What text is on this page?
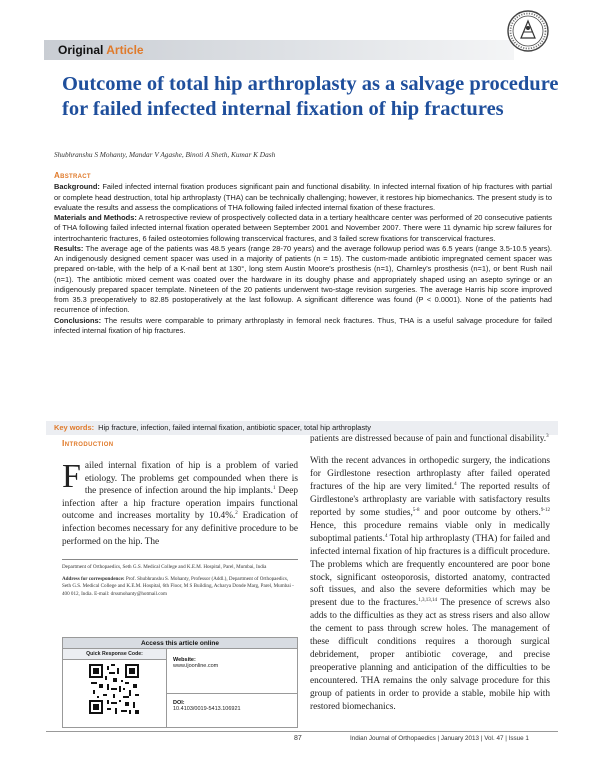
Original Article
Outcome of total hip arthroplasty as a salvage procedure for failed infected internal fixation of hip fractures
Shubhranshu S Mohanty, Mandar V Agashe, Binoti A Sheth, Kumar K Dash
Abstract

Background: Failed infected internal fixation produces significant pain and functional disability. In infected internal fixation of hip fractures with partial or complete head destruction, total hip arthroplasty (THA) can be technically challenging; however, it restores hip biomechanics. The present study is to evaluate the results and assess the complications of THA following failed infected internal fixation of these fractures.

Materials and Methods: A retrospective review of prospectively collected data in a tertiary healthcare center was performed of 20 consecutive patients of THA following failed infected internal fixation operated between September 2001 and November 2007. There were 11 dynamic hip screw failures for intertrochanteric fractures, 6 failed osteotomies following transcervical fractures, and 3 failed screw fixations for transcervical fractures.

Results: The average age of the patients was 48.5 years (range 28-70 years) and the average followup period was 6.5 years (range 3.5-10.5 years). An indigenously designed cement spacer was used in a majority of patients (n = 15). The custom-made antibiotic impregnated cement spacer was prepared on-table, with the help of a K-nail bent at 130°, long stem Austin Moore's prosthesis (n=1), Charnley's prosthesis (n=1), or bent Rush nail (n=1). The antibiotic mixed cement was coated over the hardware in its doughy phase and appropriately shaped using an asepto syringe or an indigenously prepared spacer template. Nineteen of the 20 patients underwent two-stage revision surgeries. The average Harris hip score improved from 35.3 preoperatively to 82.85 postoperatively at the last followup. A significant difference was found (P < 0.0001). None of the patients had recurrence of infection.

Conclusions: The results were comparable to primary arthroplasty in femoral neck fractures. Thus, THA is a useful salvage procedure for failed infected internal fixation of hip fractures.

Key words: Hip fracture, infection, failed internal fixation, antibiotic spacer, total hip arthroplasty
Introduction
Failed internal fixation of hip is a problem of varied etiology. The problems get compounded when there is the presence of infection around the hip implants.$^1$ Deep infection after a hip fracture operation impairs functional outcome and increases mortality by 10.4%.$^2$ Eradication of infection becomes necessary for any definitive procedure to be performed on the hip. The

Department of Orthopaedics, Seth G.S. Medical College and K.E.M. Hospital, Parel, Mumbai, India

Address for correspondence: Prof. Shubhranshu S. Mohanty, Professor (Addl.), Department of Orthopaedics, Seth G.S. Medical College and K.E.M. Hospital, 6th Floor, M S Building, Acharya Donde Marg, Parel, Mumbai - 400 012, India. E-mail: drssmohanty@hotmail.com

Access this article online
Quick Response Code:
Website:
www.ijoonline.com
DOI:
10.4103/0019-5413.106921

patients are distressed because of pain and functional disability.$^3$

With the recent advances in orthopedic surgery, the indications for Girdlestone resection arthroplasty after failed operated fractures of the hip are very limited.$^4$ The reported results of Girdlestone's arthroplasty are variable with satisfactory results reported by some studies,$^{5-8}$ and poor outcome by others.$^{9-12}$ Hence, this procedure remains viable only in medically suboptimal patients.$^4$ Total hip arthroplasty (THA) for failed and infected internal fixation of hip fractures is a difficult procedure. The problems which are frequently encountered are poor bone stock, significant osteoporosis, distorted anatomy, contracted soft tissues, and also the severe deformities which may be present due to the fractures.$^{1,3,13,14}$ The presence of screws also adds to the difficulties as they act as stress risers and also allow the cement to pass through screw holes. The management of these difficult conditions requires a thorough surgical debridement, proper antibiotic coverage, and precise preoperative planning and anticipation of the difficulties to be encountered. THA remains the only salvage procedure for this group of patients in order to provide a stable, mobile hip with restored biomechanics.

87	Indian Journal of Orthopaedics | January 2013 | Vol. 47 | Issue 1
